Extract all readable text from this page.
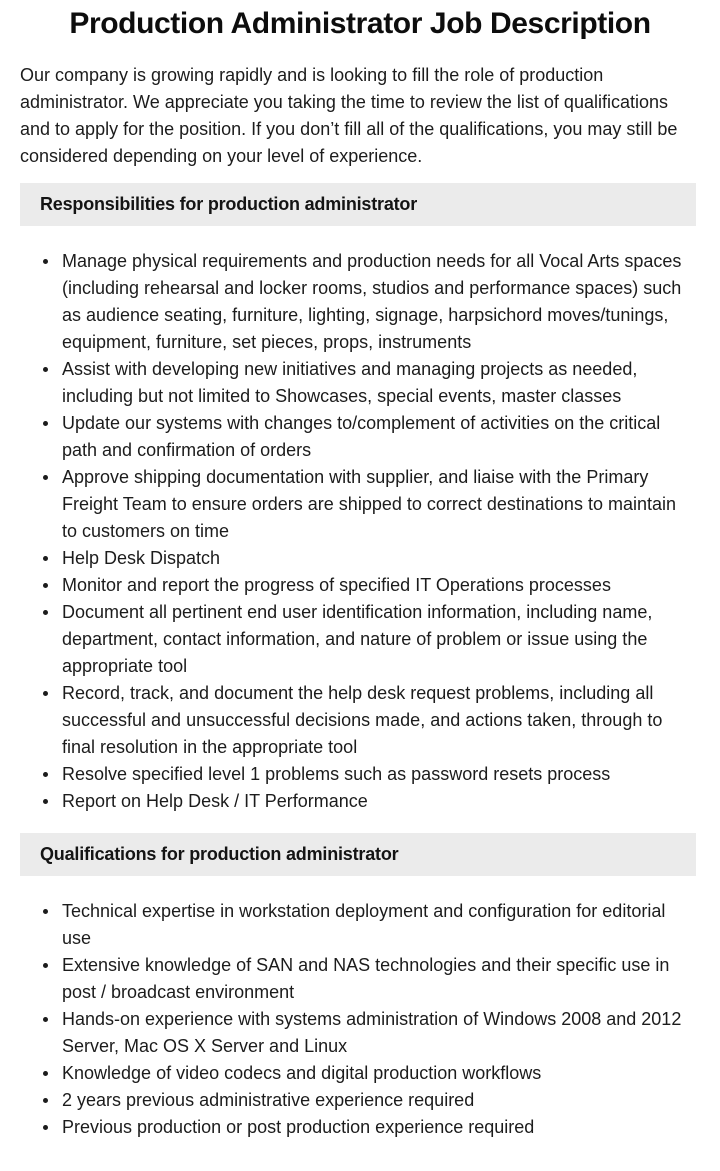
Production Administrator Job Description

Our company is growing rapidly and is looking to fill the role of production administrator. We appreciate you taking the time to review the list of qualifications and to apply for the position. If you don’t fill all of the qualifications, you may still be considered depending on your level of experience.

Responsibilities for production administrator
Manage physical requirements and production needs for all Vocal Arts spaces (including rehearsal and locker rooms, studios and performance spaces) such as audience seating, furniture, lighting, signage, harpsichord moves/tunings, equipment, furniture, set pieces, props, instruments
Assist with developing new initiatives and managing projects as needed, including but not limited to Showcases, special events, master classes
Update our systems with changes to/complement of activities on the critical path and confirmation of orders
Approve shipping documentation with supplier, and liaise with the Primary Freight Team to ensure orders are shipped to correct destinations to maintain to customers on time
Help Desk Dispatch
Monitor and report the progress of specified IT Operations processes
Document all pertinent end user identification information, including name, department, contact information, and nature of problem or issue using the appropriate tool
Record, track, and document the help desk request problems, including all successful and unsuccessful decisions made, and actions taken, through to final resolution in the appropriate tool
Resolve specified level 1 problems such as password resets process
Report on Help Desk / IT Performance
Qualifications for production administrator
Technical expertise in workstation deployment and configuration for editorial use
Extensive knowledge of SAN and NAS technologies and their specific use in post / broadcast environment
Hands-on experience with systems administration of Windows 2008 and 2012 Server, Mac OS X Server and Linux
Knowledge of video codecs and digital production workflows
2 years previous administrative experience required
Previous production or post production experience required
